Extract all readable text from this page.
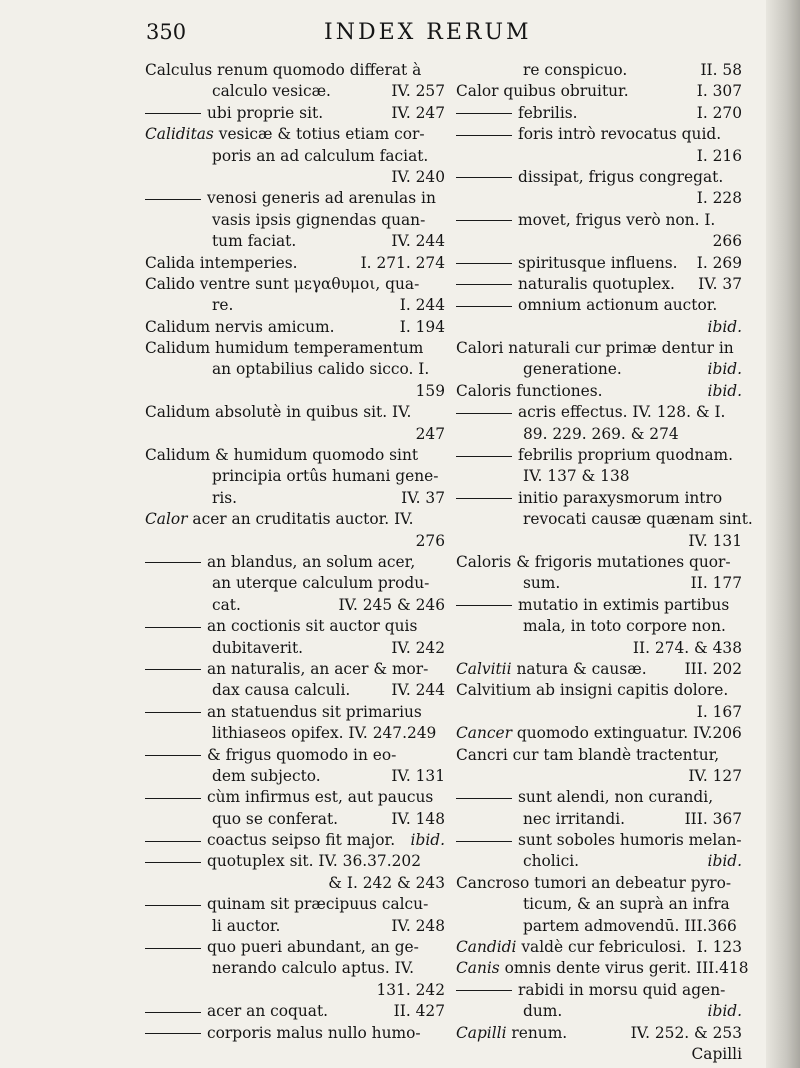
350	INDEX RERUM
Calculus renum quomodo differat à
calculo vesicæ.	IV. 257
ubi proprie sit.	IV. 247
Caliditas vesicæ & totius etiam cor-
poris an ad calculum faciat.
IV. 240
venosi generis ad arenulas in
vasis ipsis gignendas quan-
tum faciat.	IV. 244
Calida intemperies.	I. 271. 274
Calido ventre sunt μεγαθυμοι, qua-
re.	I. 244
Calidum nervis amicum.	I. 194
Calidum humidum temperamentum
an optabilius calido sicco. I.
159
Calidum absolutè in quibus sit. IV.
247
Calidum & humidum quomodo sint
principia ortûs humani gene-
ris.	IV. 37
Calor acer an cruditatis auctor. IV.
276
an blandus, an solum acer,
an uterque calculum produ-
cat.	IV. 245 & 246
an coctionis sit auctor quis
dubitaverit.	IV. 242
an naturalis, an acer & mor-
dax causa calculi.	IV. 244
an statuendus sit primarius
lithiaseos opifex. IV. 247.249
& frigus quomodo in eo-
dem subjecto.	IV. 131
cùm infirmus est, aut paucus
quo se conferat.	IV. 148
coactus seipso fit major. ibid.
quotuplex sit. IV. 36.37.202
& I. 242 & 243
quinam sit præcipuus calcu-
li auctor.	IV. 248
quo pueri abundant, an ge-
nerando calculo aptus. IV.
131. 242
acer an coquat.	II. 427
corporis malus nullo humo-
re conspicuo.	II. 58
Calor quibus obruitur.	I. 307
febrilis.	I. 270
foris intrò revocatus quid.
I. 216
dissipat, frigus congregat.
I. 228
movet, frigus verò non. I.
266
spiritusque influens. I. 269
naturalis quotuplex. IV. 37
omnium actionum auctor.
ibid.
Calori naturali cur primæ dentur in
generatione.	ibid.
Caloris functiones.	ibid.
acris effectus. IV. 128. & I.
89. 229. 269. & 274
febrilis proprium quodnam.
IV. 137 & 138
initio paraxysmorum intro
revocati causæ quænam sint.
IV. 131
Caloris & frigoris mutationes quor-
sum.	II. 177
mutatio in extimis partibus
mala, in toto corpore non.
II. 274. & 438
Calvitii natura & causæ. III. 202
Calvitium ab insigni capitis dolore.
I. 167
Cancer quomodo extinguatur. IV.206
Cancri cur tam blandè tractentur,
IV. 127
sunt alendi, non curandi,
nec irritandi.	III. 367
sunt soboles humoris melan-
cholici.	ibid.
Cancroso tumori an debeatur pyro-
ticum, & an suprà an infra
partem admovendū. III.366
Candidi valdè cur febriculosi. I. 123
Canis omnis dente virus gerit. III.418
rabidi in morsu quid agen-
dum.	ibid.
Capilli renum.	IV. 252. & 253
Capilli
